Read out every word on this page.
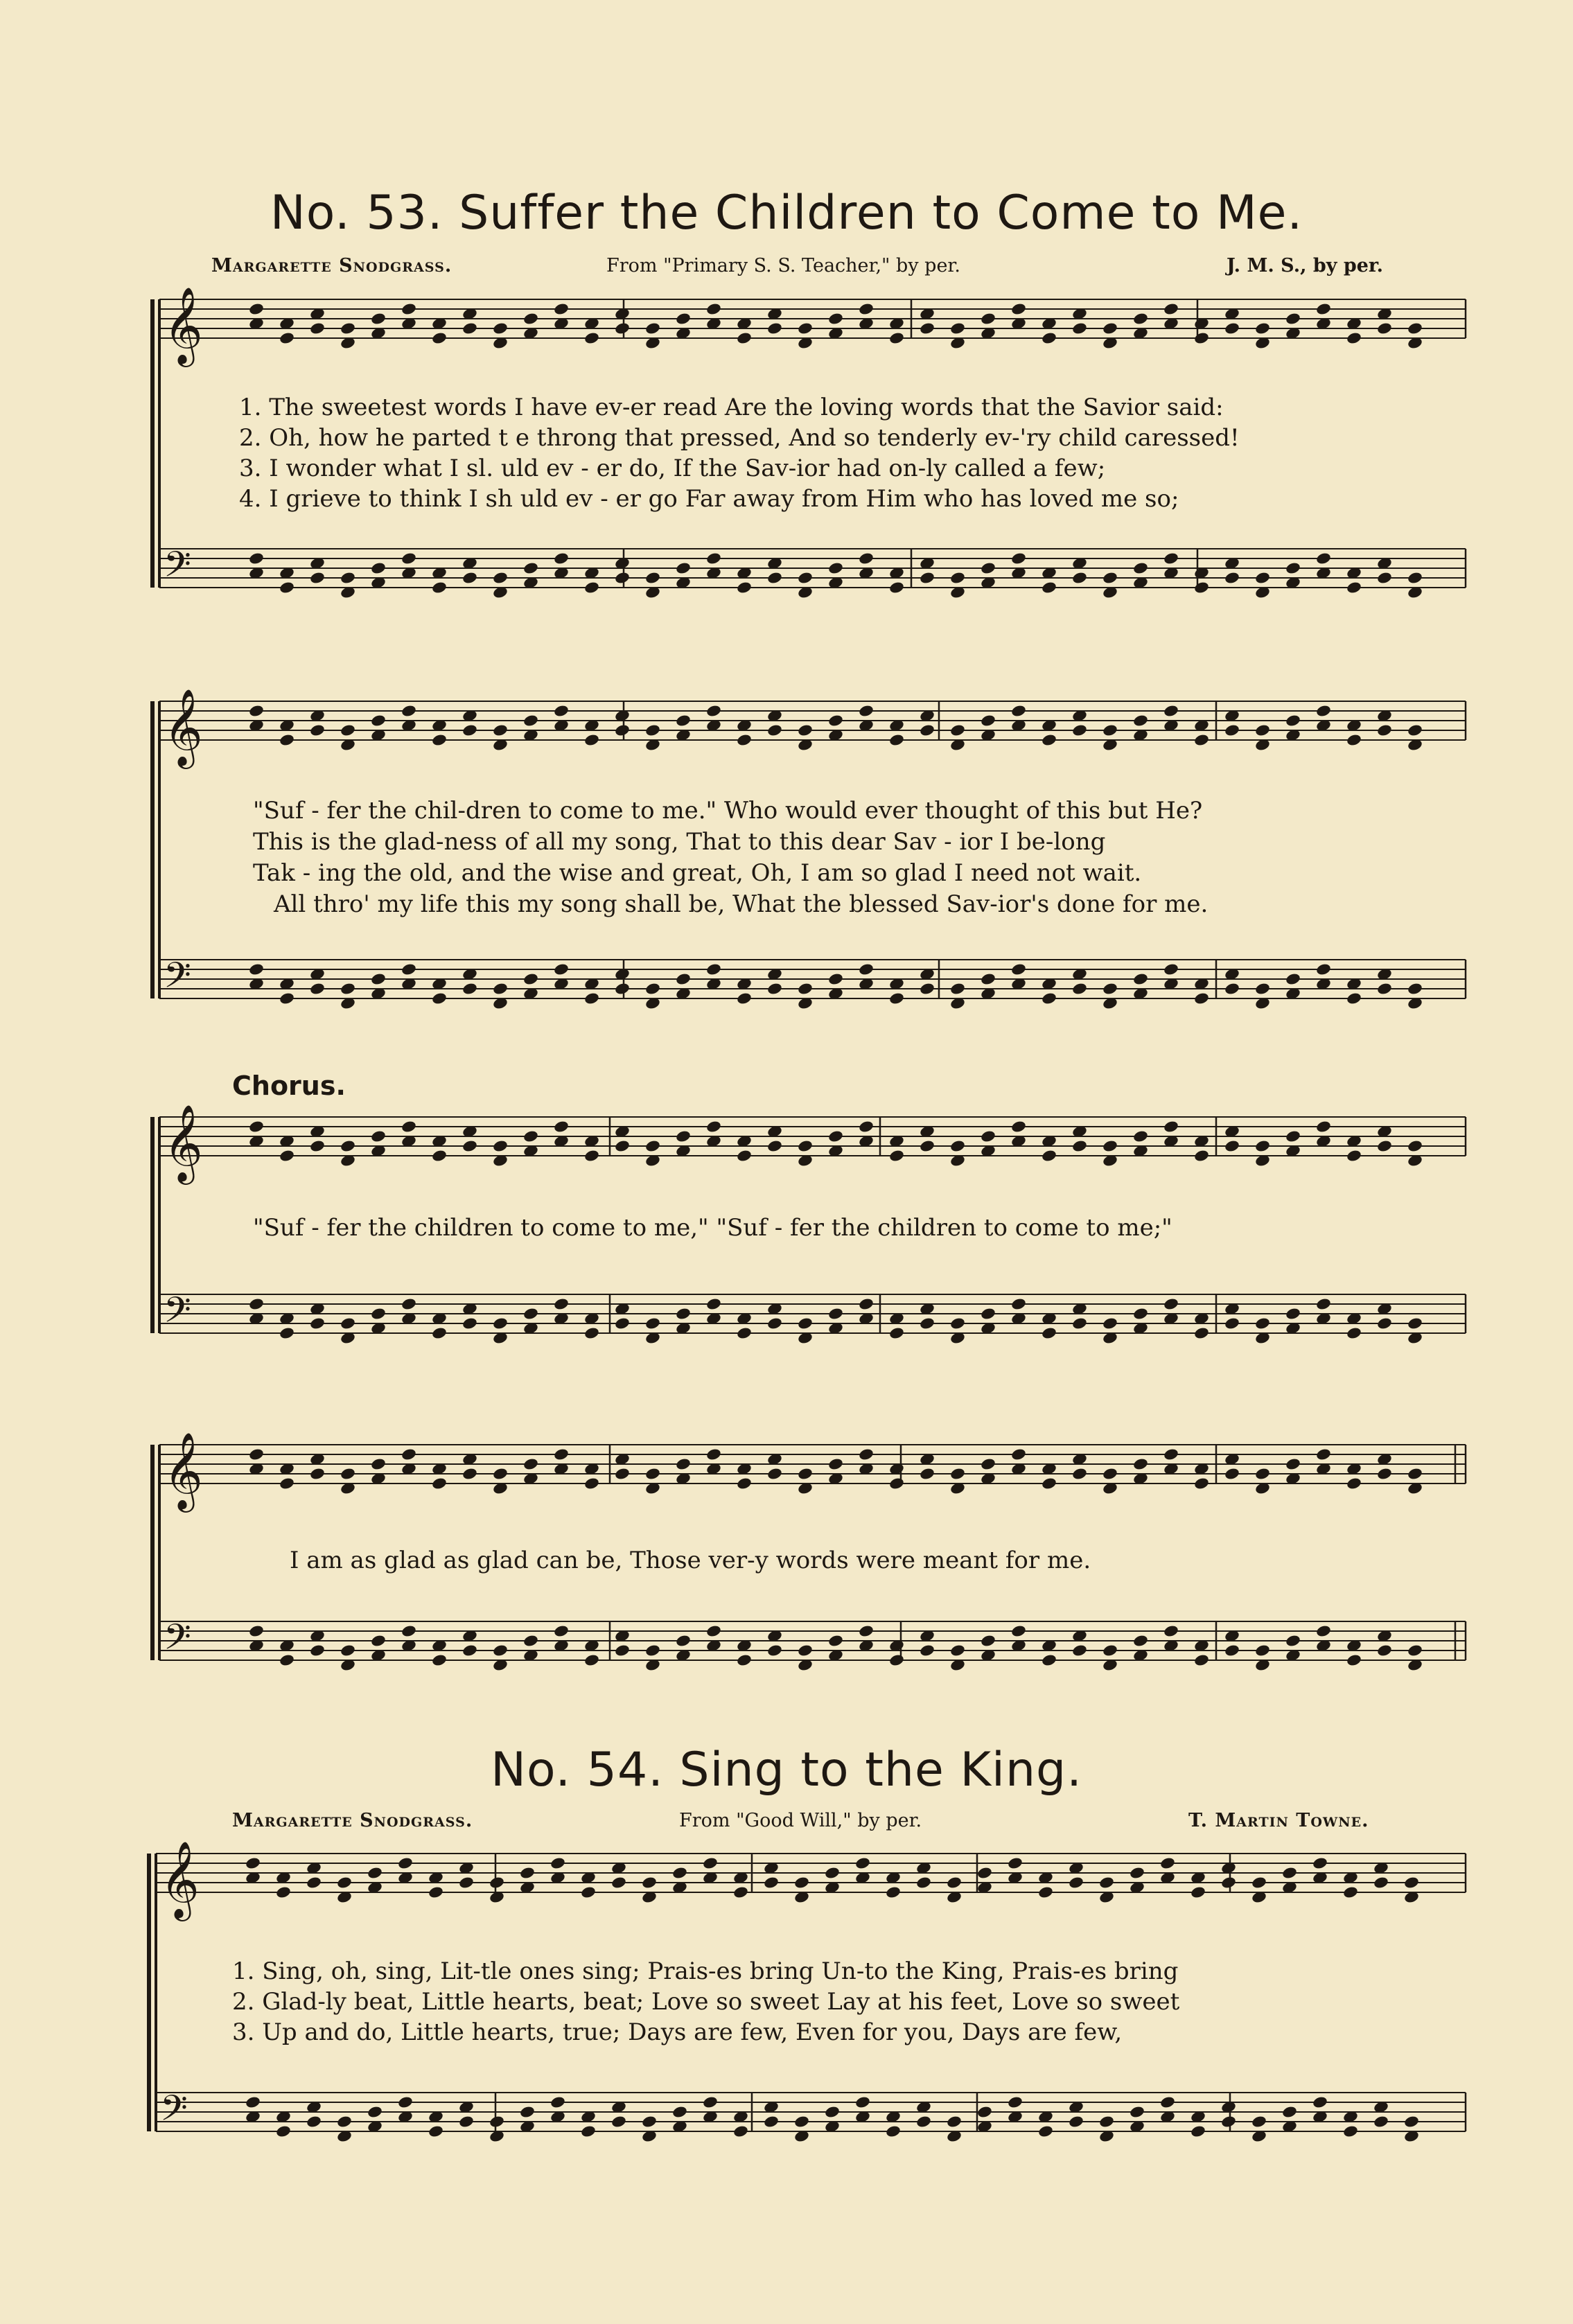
No. 53. Suffer the Children to Come to Me.
Margarette Snodgrass.	From "Primary S. S. Teacher," by per.	J. M. S., by per.
𝄞
𝄢
𝄞
𝄢
𝄞
𝄢
𝄞
𝄢
𝄞
𝄢
1. The sweetest words I have ev-er read Are the loving words that the Savior said:
2. Oh, how he parted t e throng that pressed, And so tenderly ev-'ry child caressed!
3. I wonder what I sl. uld ev - er do, If the Sav-ior had on-ly called a few;
4. I grieve to think I sh uld ev - er go Far away from Him who has loved me so;
"Suf - fer the chil-dren to come to me." Who would ever thought of this but He?
This is the glad-ness of all my song, That to this dear Sav - ior I be-long
Tak - ing the old, and the wise and great, Oh, I am so glad I need not wait.
All thro' my life this my song shall be, What the blessed Sav-ior's done for me.
Chorus.
"Suf - fer the children to come to me," "Suf - fer the children to come to me;"
I am as glad as glad can be, Those ver-y words were meant for me.
No. 54. Sing to the King.
Margarette Snodgrass.	From "Good Will," by per.	T. Martin Towne.
1. Sing, oh, sing, Lit-tle ones sing; Prais-es bring Un-to the King, Prais-es bring
2. Glad-ly beat, Little hearts, beat; Love so sweet Lay at his feet, Love so sweet
3. Up and do, Little hearts, true; Days are few, Even for you, Days are few,
